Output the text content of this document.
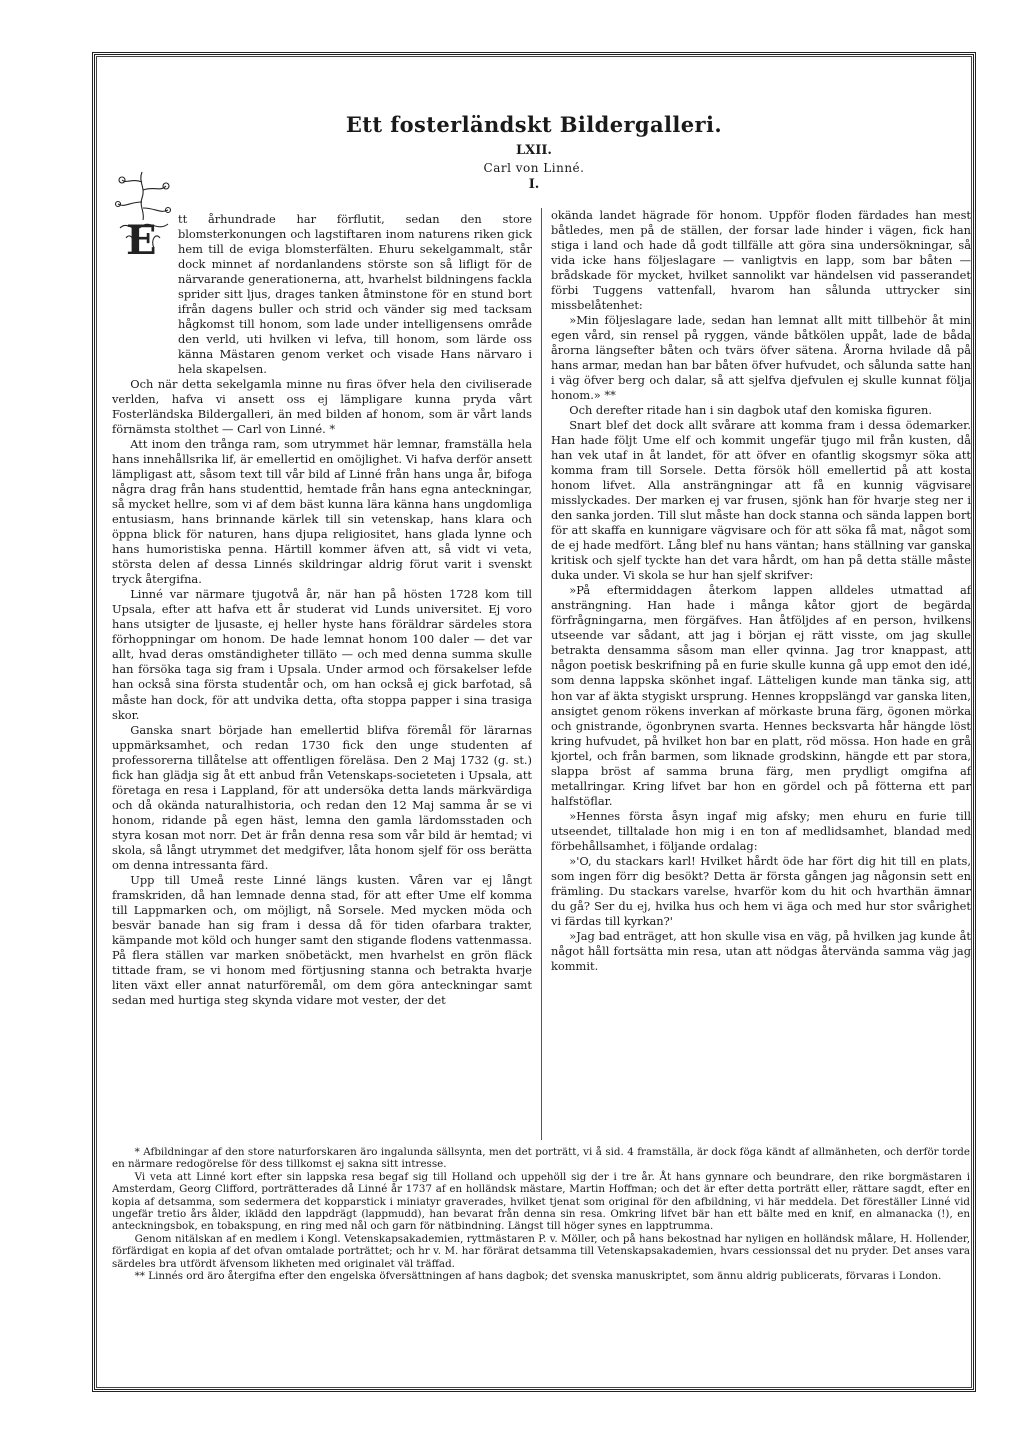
Ett fosterländskt Bildergalleri.
LXII.
Carl von Linné.
I.
E	tt århundrade har förflutit, sedan den store blomsterkonungen och lagstiftaren inom naturens riken gick hem till de eviga blomsterfälten. Ehuru sekelgammalt, står dock minnet af nordanlandens störste son så lifligt för de närvarande generationerna, att, hvarhelst bildningens fackla sprider sitt ljus, drages tanken åtminstone för en stund bort ifrån dagens buller och strid och vänder sig med tacksam hågkomst till honom, som lade under intelligensens område den verld, uti hvilken vi lefva, till honom, som lärde oss känna Mästaren genom verket och visade Hans närvaro i hela skapelsen.

Och när detta sekelgamla minne nu firas öfver hela den civiliserade verlden, hafva vi ansett oss ej lämpligare kunna pryda vårt Fosterländska Bildergalleri, än med bilden af honom, som är vårt lands förnämsta stolthet — Carl von Linné. *

Att inom den trånga ram, som utrymmet här lemnar, framställa hela hans innehållsrika lif, är emellertid en omöjlighet. Vi hafva derför ansett lämpligast att, såsom text till vår bild af Linné från hans unga år, bifoga några drag från hans studenttid, hemtade från hans egna anteckningar, så mycket hellre, som vi af dem bäst kunna lära känna hans ungdomliga entusiasm, hans brinnande kärlek till sin vetenskap, hans klara och öppna blick för naturen, hans djupa religiositet, hans glada lynne och hans humoristiska penna. Härtill kommer äfven att, så vidt vi veta, största delen af dessa Linnés skildringar aldrig förut varit i svenskt tryck återgifna.

Linné var närmare tjugotvå år, när han på hösten 1728 kom till Upsala, efter att hafva ett år studerat vid Lunds universitet. Ej voro hans utsigter de ljusaste, ej heller hyste hans föräldrar särdeles stora förhoppningar om honom. De hade lemnat honom 100 daler — det var allt, hvad deras omständigheter tilläto — och med denna summa skulle han försöka taga sig fram i Upsala. Under armod och försakelser lefde han också sina första studentår och, om han också ej gick barfotad, så måste han dock, för att undvika detta, ofta stoppa papper i sina trasiga skor.

Ganska snart började han emellertid blifva föremål för lärarnas uppmärksamhet, och redan 1730 fick den unge studenten af professorerna tillåtelse att offentligen föreläsa. Den 2 Maj 1732 (g. st.) fick han glädja sig åt ett anbud från Vetenskaps-societeten i Upsala, att företaga en resa i Lappland, för att undersöka detta lands märkvärdiga och då okända naturalhistoria, och redan den 12 Maj samma år se vi honom, ridande på egen häst, lemna den gamla lärdomsstaden och styra kosan mot norr. Det är från denna resa som vår bild är hemtad; vi skola, så långt utrymmet det medgifver, låta honom sjelf för oss berätta om denna intressanta färd.

Upp till Umeå reste Linné längs kusten. Våren var ej långt framskriden, då han lemnade denna stad, för att efter Ume elf komma till Lappmarken och, om möjligt, nå Sorsele. Med mycken möda och besvär banade han sig fram i dessa då för tiden ofarbara trakter, kämpande mot köld och hunger samt den stigande flodens vattenmassa. På flera ställen var marken snöbetäckt, men hvarhelst en grön fläck tittade fram, se vi honom med förtjusning stanna och betrakta hvarje liten växt eller annat naturföremål, om dem göra anteckningar samt sedan med hurtiga steg skynda vidare mot vester, der det

okända landet hägrade för honom. Uppför floden färdades han mest båtledes, men på de ställen, der forsar lade hinder i vägen, fick han stiga i land och hade då godt tillfälle att göra sina undersökningar, så vida icke hans följeslagare — vanligtvis en lapp, som bar båten — brådskade för mycket, hvilket sannolikt var händelsen vid passerandet förbi Tuggens vattenfall, hvarom han sålunda uttrycker sin missbelåtenhet:

»Min följeslagare lade, sedan han lemnat allt mitt tillbehör åt min egen vård, sin rensel på ryggen, vände båtkölen uppåt, lade de båda årorna längsefter båten och tvärs öfver sätena. Årorna hvilade då på hans armar, medan han bar båten öfver hufvudet, och sålunda satte han i väg öfver berg och dalar, så att sjelfva djefvulen ej skulle kunnat följa honom.» **

Och derefter ritade han i sin dagbok utaf den komiska figuren.

Snart blef det dock allt svårare att komma fram i dessa ödemarker. Han hade följt Ume elf och kommit ungefär tjugo mil från kusten, då han vek utaf in åt landet, för att öfver en ofantlig skogsmyr söka att komma fram till Sorsele. Detta försök höll emellertid på att kosta honom lifvet. Alla ansträngningar att få en kunnig vägvisare misslyckades. Der marken ej var frusen, sjönk han för hvarje steg ner i den sanka jorden. Till slut måste han dock stanna och sända lappen bort för att skaffa en kunnigare vägvisare och för att söka få mat, något som de ej hade medfört. Lång blef nu hans väntan; hans ställning var ganska kritisk och sjelf tyckte han det vara hårdt, om han på detta ställe måste duka under. Vi skola se hur han sjelf skrifver:

»På eftermiddagen återkom lappen alldeles utmattad af ansträngning. Han hade i många kåtor gjort de begärda förfrågningarna, men förgäfves. Han åtföljdes af en person, hvilkens utseende var sådant, att jag i början ej rätt visste, om jag skulle betrakta densamma såsom man eller qvinna. Jag tror knappast, att någon poetisk beskrifning på en furie skulle kunna gå upp emot den idé, som denna lappska skönhet ingaf. Lätteligen kunde man tänka sig, att hon var af äkta stygiskt ursprung. Hennes kroppslängd var ganska liten, ansigtet genom rökens inverkan af mörkaste bruna färg, ögonen mörka och gnistrande, ögonbrynen svarta. Hennes becksvarta hår hängde löst kring hufvudet, på hvilket hon bar en platt, röd mössa. Hon hade en grå kjortel, och från barmen, som liknade grodskinn, hängde ett par stora, slappa bröst af samma bruna färg, men prydligt omgifna af metallringar. Kring lifvet bar hon en gördel och på fötterna ett par halfstöflar.

»Hennes första åsyn ingaf mig afsky; men ehuru en furie till utseendet, tilltalade hon mig i en ton af medlidsamhet, blandad med förbehållsamhet, i följande ordalag:

»'O, du stackars karl! Hvilket hårdt öde har fört dig hit till en plats, som ingen förr dig besökt? Detta är första gången jag någonsin sett en främling. Du stackars varelse, hvarför kom du hit och hvarthän ämnar du gå? Ser du ej, hvilka hus och hem vi äga och med hur stor svårighet vi färdas till kyrkan?'

»Jag bad enträget, att hon skulle visa en väg, på hvilken jag kunde åt något håll fortsätta min resa, utan att nödgas återvända samma väg jag kommit.

* Afbildningar af den store naturforskaren äro ingalunda sällsynta, men det porträtt, vi å sid. 4 framställa, är dock föga kändt af allmänheten, och derför torde en närmare redogörelse för dess tillkomst ej sakna sitt intresse.

Vi veta att Linné kort efter sin lappska resa begaf sig till Holland och uppehöll sig der i tre år. Åt hans gynnare och beundrare, den rike borgmästaren i Amsterdam, Georg Clifford, porträtterades då Linné år 1737 af en holländsk mästare, Martin Hoffman; och det är efter detta porträtt eller, rättare sagdt, efter en kopia af detsamma, som sedermera det kopparstick i miniatyr graverades, hvilket tjenat som original för den afbildning, vi här meddela. Det föreställer Linné vid ungefär tretio års ålder, iklädd den lappdrägt (lappmudd), han bevarat från denna sin resa. Omkring lifvet bär han ett bälte med en knif, en almanacka (!), en anteckningsbok, en tobakspung, en ring med nål och garn för nätbindning. Längst till höger synes en lapptrumma.

Genom nitälskan af en medlem i Kongl. Vetenskapsakademien, ryttmästaren P. v. Möller, och på hans bekostnad har nyligen en holländsk målare, H. Hollender, förfärdigat en kopia af det ofvan omtalade porträttet; och hr v. M. har förärat detsamma till Vetenskapsakademien, hvars cessionssal det nu pryder. Det anses vara särdeles bra utfördt äfvensom likheten med originalet väl träffad.

** Linnés ord äro återgifna efter den engelska öfversättningen af hans dagbok; det svenska manuskriptet, som ännu aldrig publicerats, förvaras i London.
